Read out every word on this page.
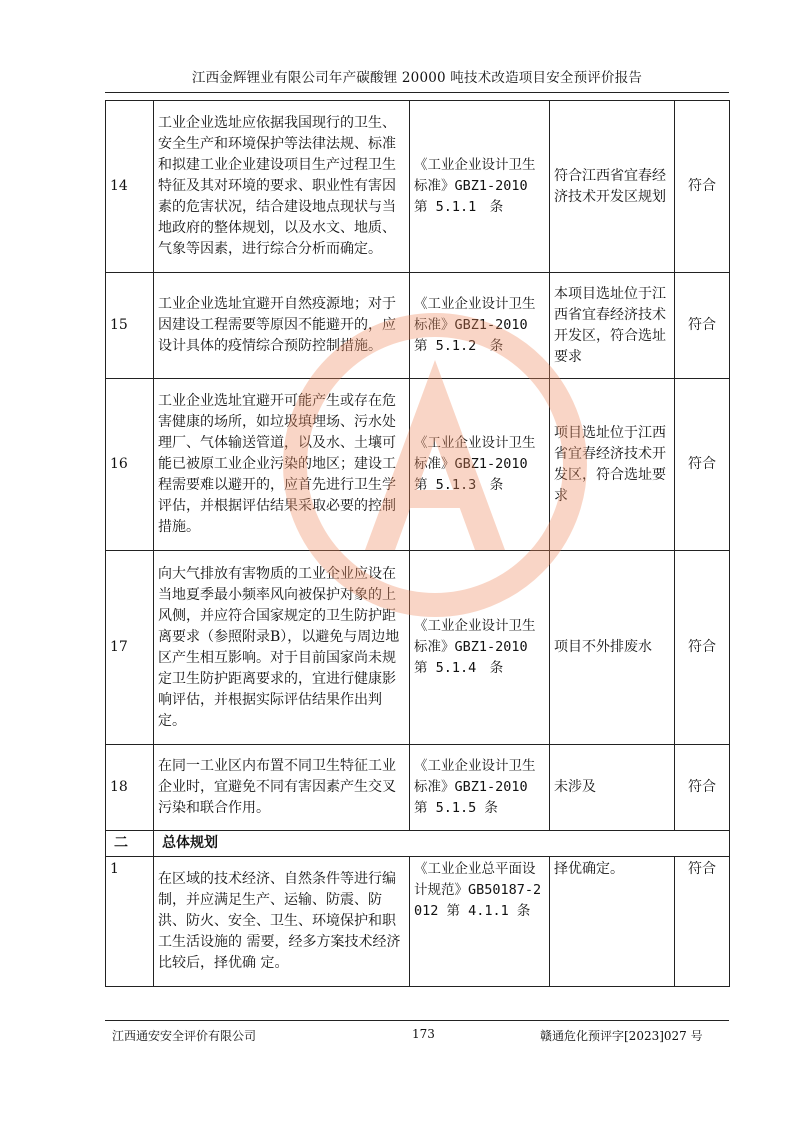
江西金辉锂业有限公司年产碳酸锂 20000 吨技术改造项目安全预评价报告
14	工业企业选址应依据我国现行的卫生、安全生产和环境保护等法律法规、标准和拟建工业企业建设项目生产过程卫生特征及其对环境的要求、职业性有害因素的危害状况，结合建设地点现状与当地政府的整体规划，以及水文、地质、气象等因素，进行综合分析而确定。	《工业企业设计卫生标准》GBZ1-2010 第 5.1.1　条	符合江西省宜春经济技术开发区规划	符合
15	工业企业选址宜避开自然疫源地；对于因建设工程需要等原因不能避开的，应设计具体的疫情综合预防控制措施。	《工业企业设计卫生标准》GBZ1-2010 第 5.1.2　条	本项目选址位于江西省宜春经济技术开发区，符合选址要求	符合
16	工业企业选址宜避开可能产生或存在危害健康的场所，如垃圾填埋场、污水处理厂、气体输送管道，以及水、土壤可能已被原工业企业污染的地区；建设工程需要难以避开的，应首先进行卫生学评估，并根据评估结果采取必要的控制措施。	《工业企业设计卫生标准》GBZ1-2010 第 5.1.3　条	项目选址位于江西省宜春经济技术开发区，符合选址要求	符合
17	向大气排放有害物质的工业企业应设在当地夏季最小频率风向被保护对象的上风侧，并应符合国家规定的卫生防护距离要求（参照附录B），以避免与周边地区产生相互影响。对于目前国家尚未规定卫生防护距离要求的，宜进行健康影响评估，并根据实际评估结果作出判定。	《工业企业设计卫生标准》GBZ1-2010 第 5.1.4　条	项目不外排废水	符合
18	在同一工业区内布置不同卫生特征工业企业时，宜避免不同有害因素产生交叉污染和联合作用。	《工业企业设计卫生标准》GBZ1-2010 第 5.1.5 条	未涉及	符合
二	总体规划			
1	在区域的技术经济、自然条件等进行编制，并应满足生产、运输、防震、防洪、防火、安全、卫生、环境保护和职工生活设施的 需要，经多方案技术经济比较后，择优确 定。	《工业企业总平面设计规范》GB50187-2012 第 4.1.1 条	择优确定。	符合
江西通安安全评价有限公司	173	赣通危化预评字[2023]027 号
